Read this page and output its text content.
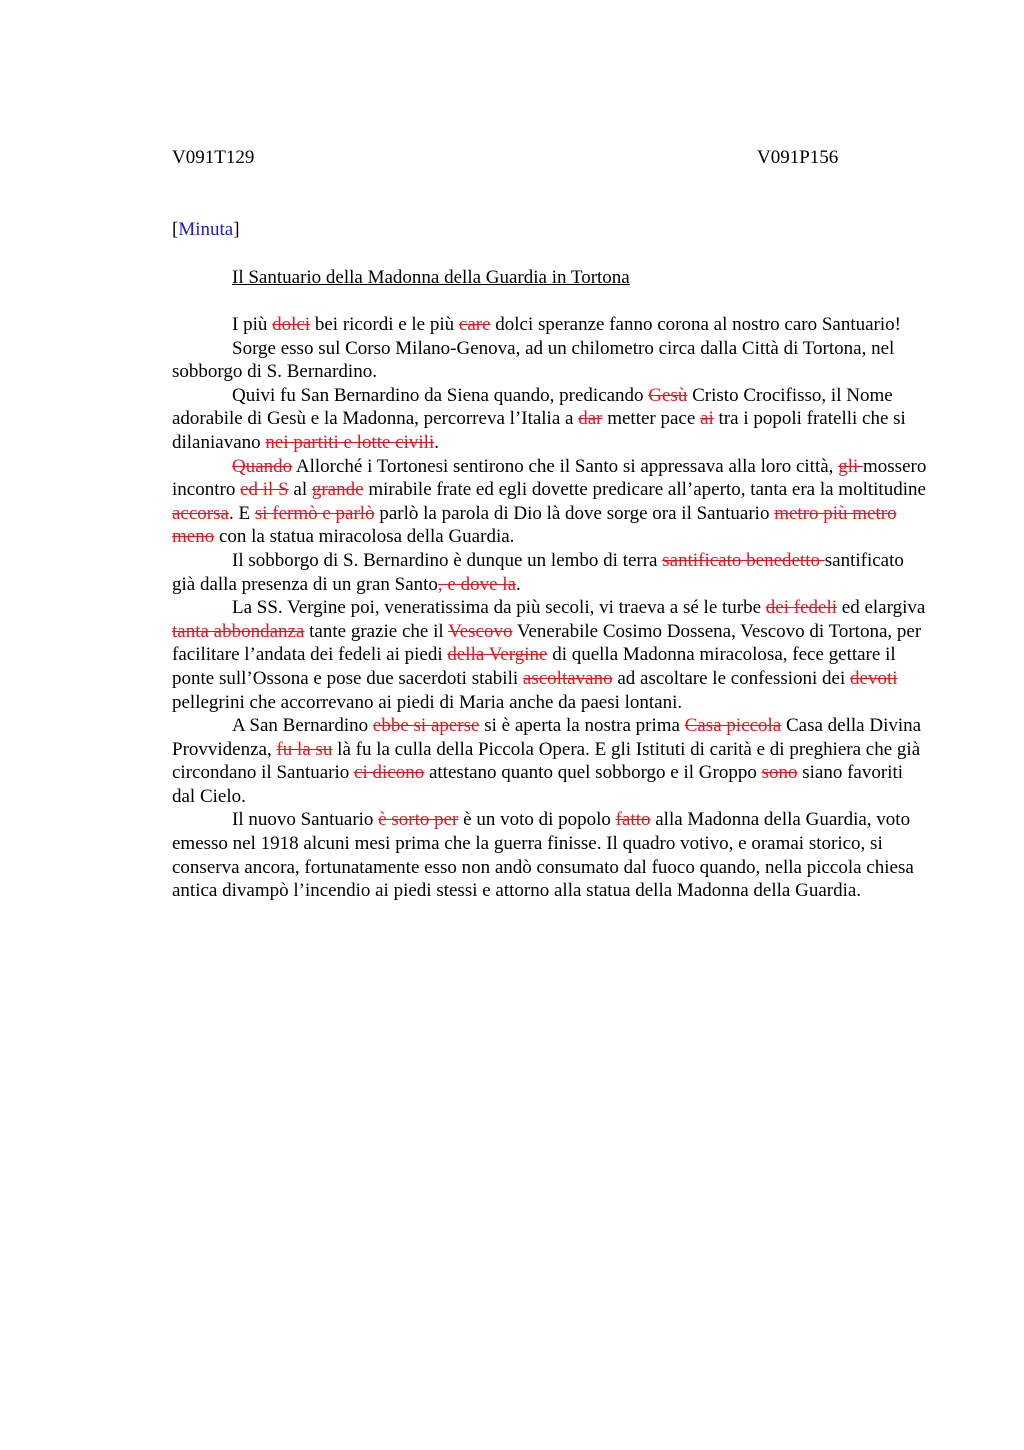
V091T129	V091P156
[Minuta]
Il Santuario della Madonna della Guardia in Tortona

I più dolci bei ricordi e le più care dolci speranze fanno corona al nostro caro Santuario!

Sorge esso sul Corso Milano-Genova, ad un chilometro circa dalla Città di Tortona, nel sobborgo di S. Bernardino.

Quivi fu San Bernardino da Siena quando, predicando Gesù Cristo Crocifisso, il Nome adorabile di Gesù e la Madonna, percorreva l’Italia a dar metter pace ai tra i popoli fratelli che si dilaniavano nei partiti e lotte civili.

Quando Allorché i Tortonesi sentirono che il Santo si appressava alla loro città, gli mossero incontro ed il S al grande mirabile frate ed egli dovette predicare all’aperto, tanta era la moltitudine accorsa. E si fermò e parlò parlò la parola di Dio là dove sorge ora il Santuario metro più metro meno con la statua miracolosa della Guardia.

Il sobborgo di S. Bernardino è dunque un lembo di terra santificato benedetto santificato già dalla presenza di un gran Santo, e dove la.

La SS. Vergine poi, veneratissima da più secoli, vi traeva a sé le turbe dei fedeli ed elargiva tanta abbondanza tante grazie che il Vescovo Venerabile Cosimo Dossena, Vescovo di Tortona, per facilitare l’andata dei fedeli ai piedi della Vergine di quella Madonna miracolosa, fece gettare il ponte sull’Ossona e pose due sacerdoti stabili ascoltavano ad ascoltare le confessioni dei devoti pellegrini che accorrevano ai piedi di Maria anche da paesi lontani.

A San Bernardino ebbe si aperse si è aperta la nostra prima Casa piccola Casa della Divina Provvidenza, fu la su là fu la culla della Piccola Opera. E gli Istituti di carità e di preghiera che già circondano il Santuario ci dicono attestano quanto quel sobborgo e il Groppo sono siano favoriti dal Cielo.

Il nuovo Santuario è sorto per è un voto di popolo fatto alla Madonna della Guardia, voto emesso nel 1918 alcuni mesi prima che la guerra finisse. Il quadro votivo, e oramai storico, si conserva ancora, fortunatamente esso non andò consumato dal fuoco quando, nella piccola chiesa antica divampò l’incendio ai piedi stessi e attorno alla statua della Madonna della Guardia.
